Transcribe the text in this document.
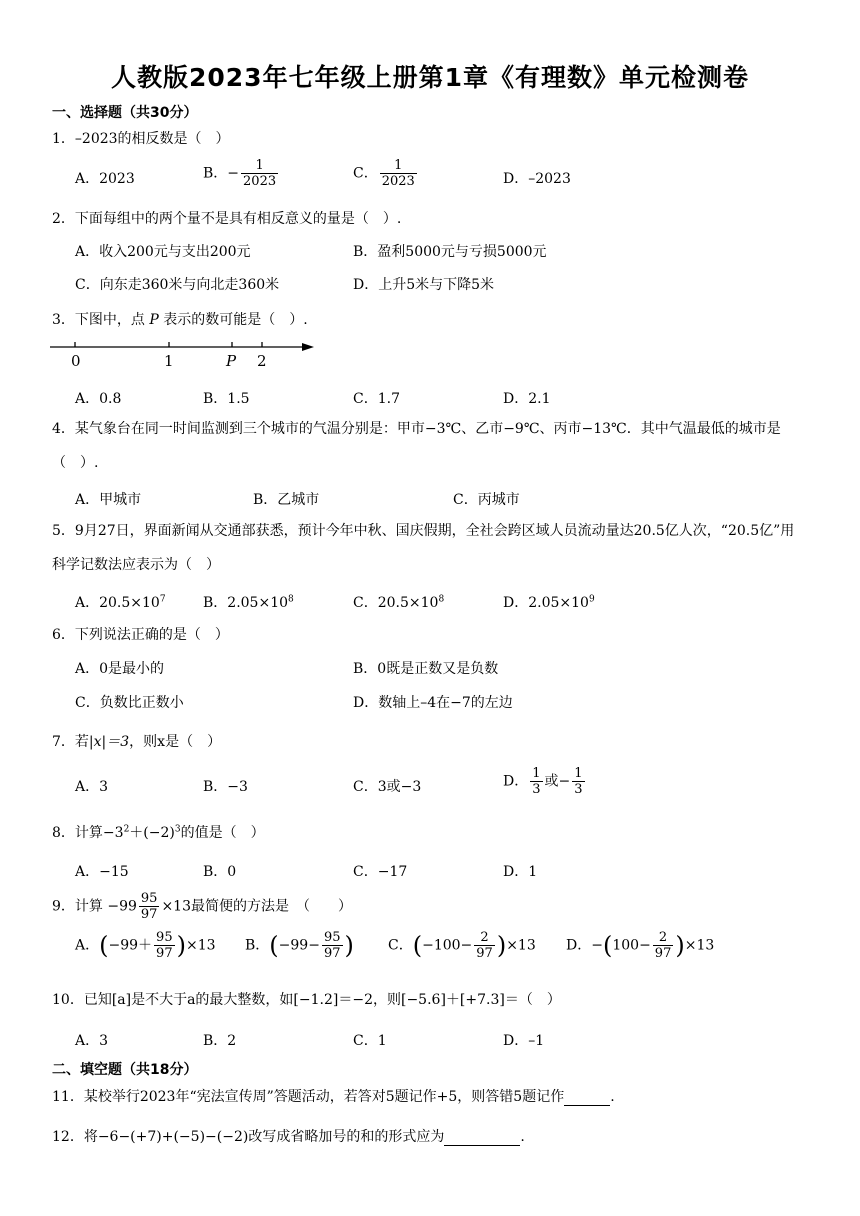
人教版2023年七年级上册第1章《有理数》单元检测卷
一、选择题（共30分）
1．–2023的相反数是（　）
A．2023	B．− $\frac{1}{2023}$	C． $\frac{1}{2023}$	D．–2023
2．下面每组中的两个量不是具有相反意义的量是（　）.
A．收入200元与支出200元	B．盈利5000元与亏损5000元
C．向东走360米与向北走360米	D．上升5米与下降5米
3．下图中，点 P 表示的数可能是（　）.
0	1	P 2
A．0.8	B．1.5	C．1.7	D．2.1
4．某气象台在同一时间监测到三个城市的气温分别是：甲市−3℃、乙市−9℃、丙市−13℃．其中气温最低的城市是（　）.
A．甲城市	B．乙城市	C．丙城市
5．9月27日，界面新闻从交通部获悉，预计今年中秋、国庆假期，全社会跨区域人员流动量达20.5亿人次，“20.5亿”用科学记数法应表示为（　）
A．$20.5\times 10^7$	B．$2.05\times 10^8$	C．$20.5\times 10^8$	D．$2.05\times 10^9$
6．下列说法正确的是（　）
A．0是最小的	B．0既是正数又是负数
C．负数比正数小	D．数轴上–4在−7的左边
7．若|x|＝3，则x是（　）
A．3	B．−3	C．3或−3	D． $\frac{1}{3}$ 或− $\frac{1}{3}$
8．计算$-3^2+(-2)^3$的值是（　）
A．−15	B．0	C．−17	D．1
9．计算 $-99 \frac{95}{97} \times 13$最简便的方法是　（　　）
A．$(-99+ \frac{95}{97} )\times 13$ B．($-99- \frac{95}{97}$ ) C．$(-100- \frac{2}{97} )\times 13$ D．$-(100- \frac{2}{97} )\times 13$
10．已知[a]是不大于a的最大整数，如[−1.2]＝−2，则[−5.6]＋[+7.3]＝（　）
A．3	B．2	C．1	D．–1
二、填空题（共18分）
11．某校举行2023年“宪法宣传周”答题活动，若答对5题记作+5，则答错5题记作	.
12．将−6−(+7)+(−5)−(−2)改写成省略加号的和的形式应为	.
